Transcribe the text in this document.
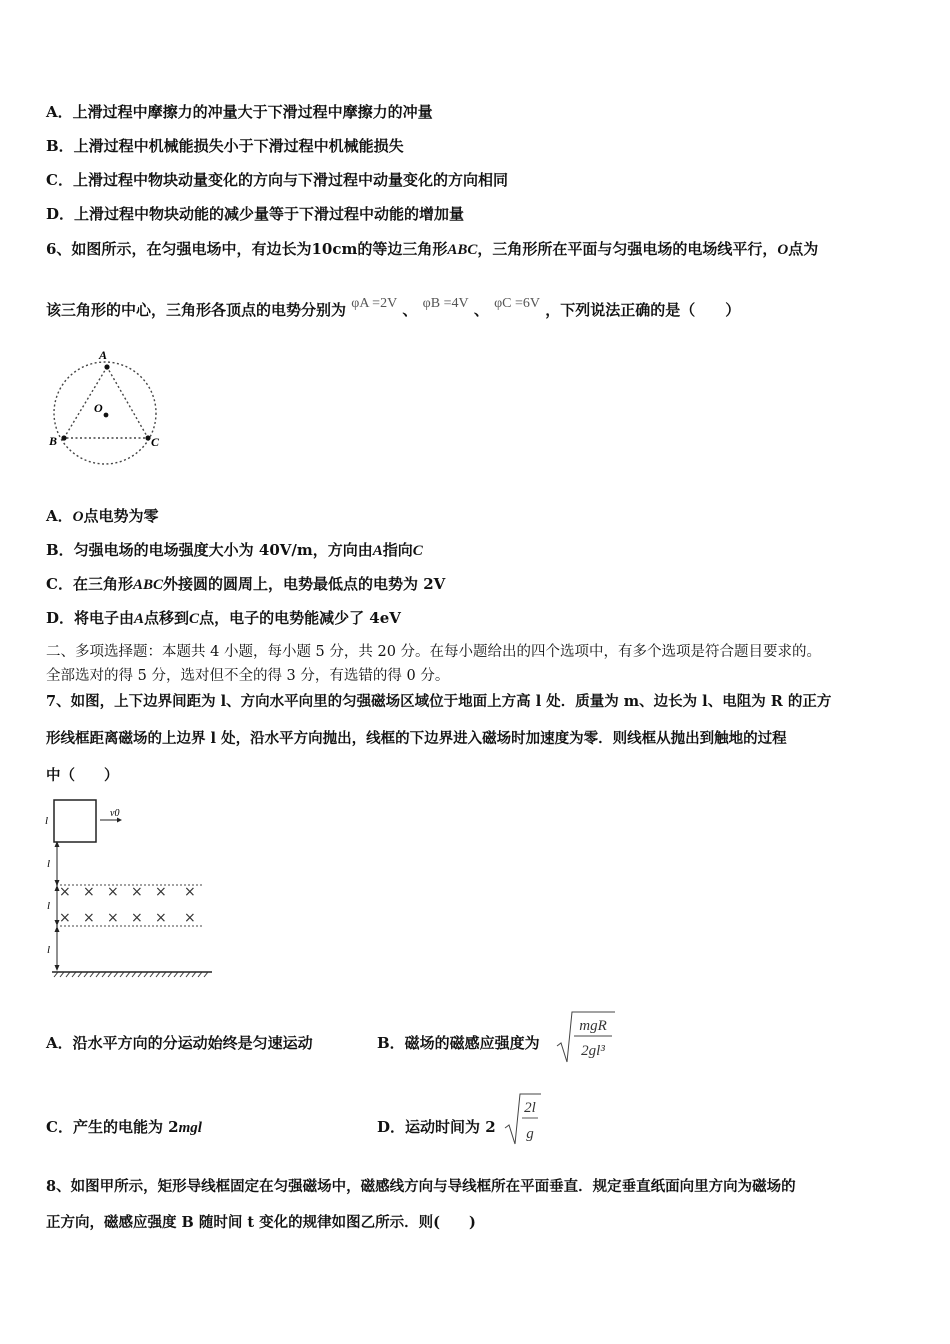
A．上滑过程中摩擦力的冲量大于下滑过程中摩擦力的冲量
B．上滑过程中机械能损失小于下滑过程中机械能损失
C．上滑过程中物块动量变化的方向与下滑过程中动量变化的方向相同
D．上滑过程中物块动能的减少量等于下滑过程中动能的增加量
6、如图所示，在匀强电场中，有边长为10cm的等边三角形ABC，三角形所在平面与匀强电场的电场线平行，O点为
该三角形的中心，三角形各顶点的电势分别为 φA =2V 、 φB =4V 、 φC =6V ，下列说法正确的是（　　）
A
B	C
O
A．O点电势为零
B．匀强电场的电场强度大小为 40V/m，方向由A指向C
C．在三角形ABC外接圆的圆周上，电势最低点的电势为 2V
D．将电子由A点移到C点，电子的电势能减少了 4eV
二、多项选择题：本题共 4 小题，每小题 5 分，共 20 分。在每小题给出的四个选项中，有多个选项是符合题目要求的。
全部选对的得 5 分，选对但不全的得 3 分，有选错的得 0 分。
7、如图，上下边界间距为 l、方向水平向里的匀强磁场区域位于地面上方高 l 处．质量为 m、边长为 l、电阻为 R 的正方
形线框距离磁场的上边界 l 处，沿水平方向抛出，线框的下边界进入磁场时加速度为零．则线框从抛出到触地的过程
中（　　）
v0
l
l
× × × × × ×
× × × × × ×
l
l
A．沿水平方向的分运动始终是匀速运动	B．磁场的磁感应强度为
mgR
2gl³
C．产生的电能为 2mgl	D．运动时间为 2
2l
g
8、如图甲所示，矩形导线框固定在匀强磁场中，磁感线方向与导线框所在平面垂直．规定垂直纸面向里方向为磁场的
正方向，磁感应强度 B 随时间 t 变化的规律如图乙所示．则(　　)
